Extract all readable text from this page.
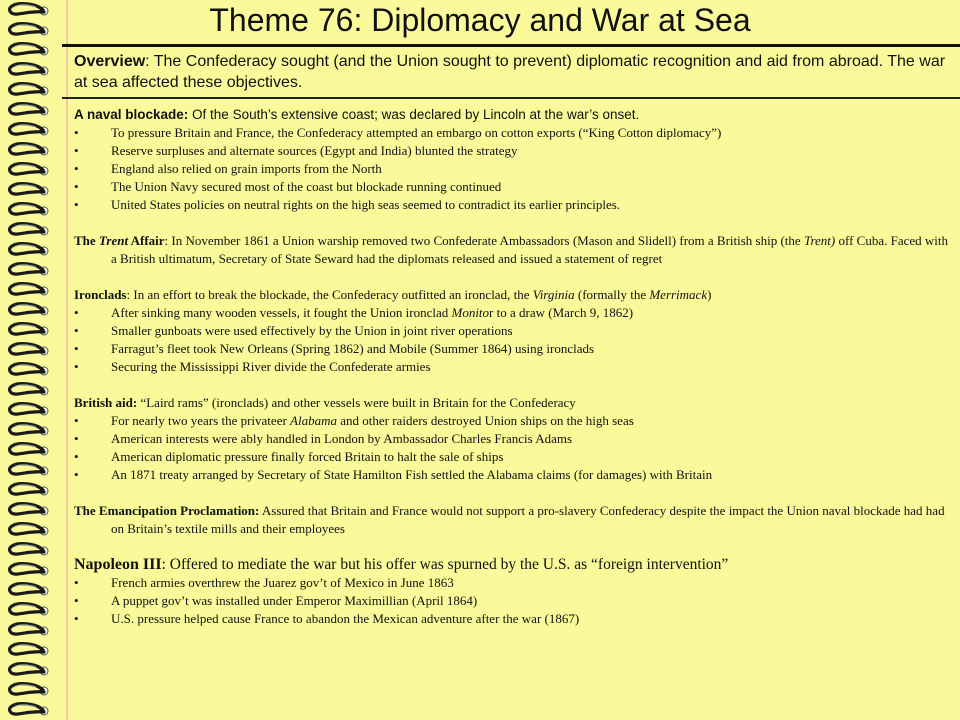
Theme 76: Diplomacy and War at Sea
Overview: The Confederacy sought (and the Union sought to prevent) diplomatic recognition and aid from abroad. The war at sea affected these objectives.

A naval blockade: Of the South’s extensive coast; was declared by Lincoln at the war’s onset.

•	To pressure Britain and France, the Confederacy attempted an embargo on cotton exports (“King Cotton diplomacy”)
•	Reserve surpluses and alternate sources (Egypt and India) blunted the strategy
•	England also relied on grain imports from the North
•	The Union Navy secured most of the coast but blockade running continued
•	United States policies on neutral rights on the high seas seemed to contradict its earlier principles.

The Trent Affair: In November 1861 a Union warship removed two Confederate Ambassadors (Mason and Slidell) from a British ship (the Trent) off Cuba. Faced with a British ultimatum, Secretary of State Seward had the diplomats released and issued a statement of regret

Ironclads: In an effort to break the blockade, the Confederacy outfitted an ironclad, the Virginia (formally the Merrimack)

•	After sinking many wooden vessels, it fought the Union ironclad Monitor to a draw (March 9, 1862)
•	Smaller gunboats were used effectively by the Union in joint river operations
•	Farragut’s fleet took New Orleans (Spring 1862) and Mobile (Summer 1864) using ironclads
•	Securing the Mississippi River divide the Confederate armies

British aid: “Laird rams” (ironclads) and other vessels were built in Britain for the Confederacy

•	For nearly two years the privateer Alabama and other raiders destroyed Union ships on the high seas
•	American interests were ably handled in London by Ambassador Charles Francis Adams
•	American diplomatic pressure finally forced Britain to halt the sale of ships
•	An 1871 treaty arranged by Secretary of State Hamilton Fish settled the Alabama claims (for damages) with Britain

The Emancipation Proclamation: Assured that Britain and France would not support a pro-slavery Confederacy despite the impact the Union naval blockade had had on Britain’s textile mills and their employees

Napoleon III: Offered to mediate the war but his offer was spurned by the U.S. as “foreign intervention”

•	French armies overthrew the Juarez gov’t of Mexico in June 1863
•	A puppet gov’t was installed under Emperor Maximillian (April 1864)
•	U.S. pressure helped cause France to abandon the Mexican adventure after the war (1867)
